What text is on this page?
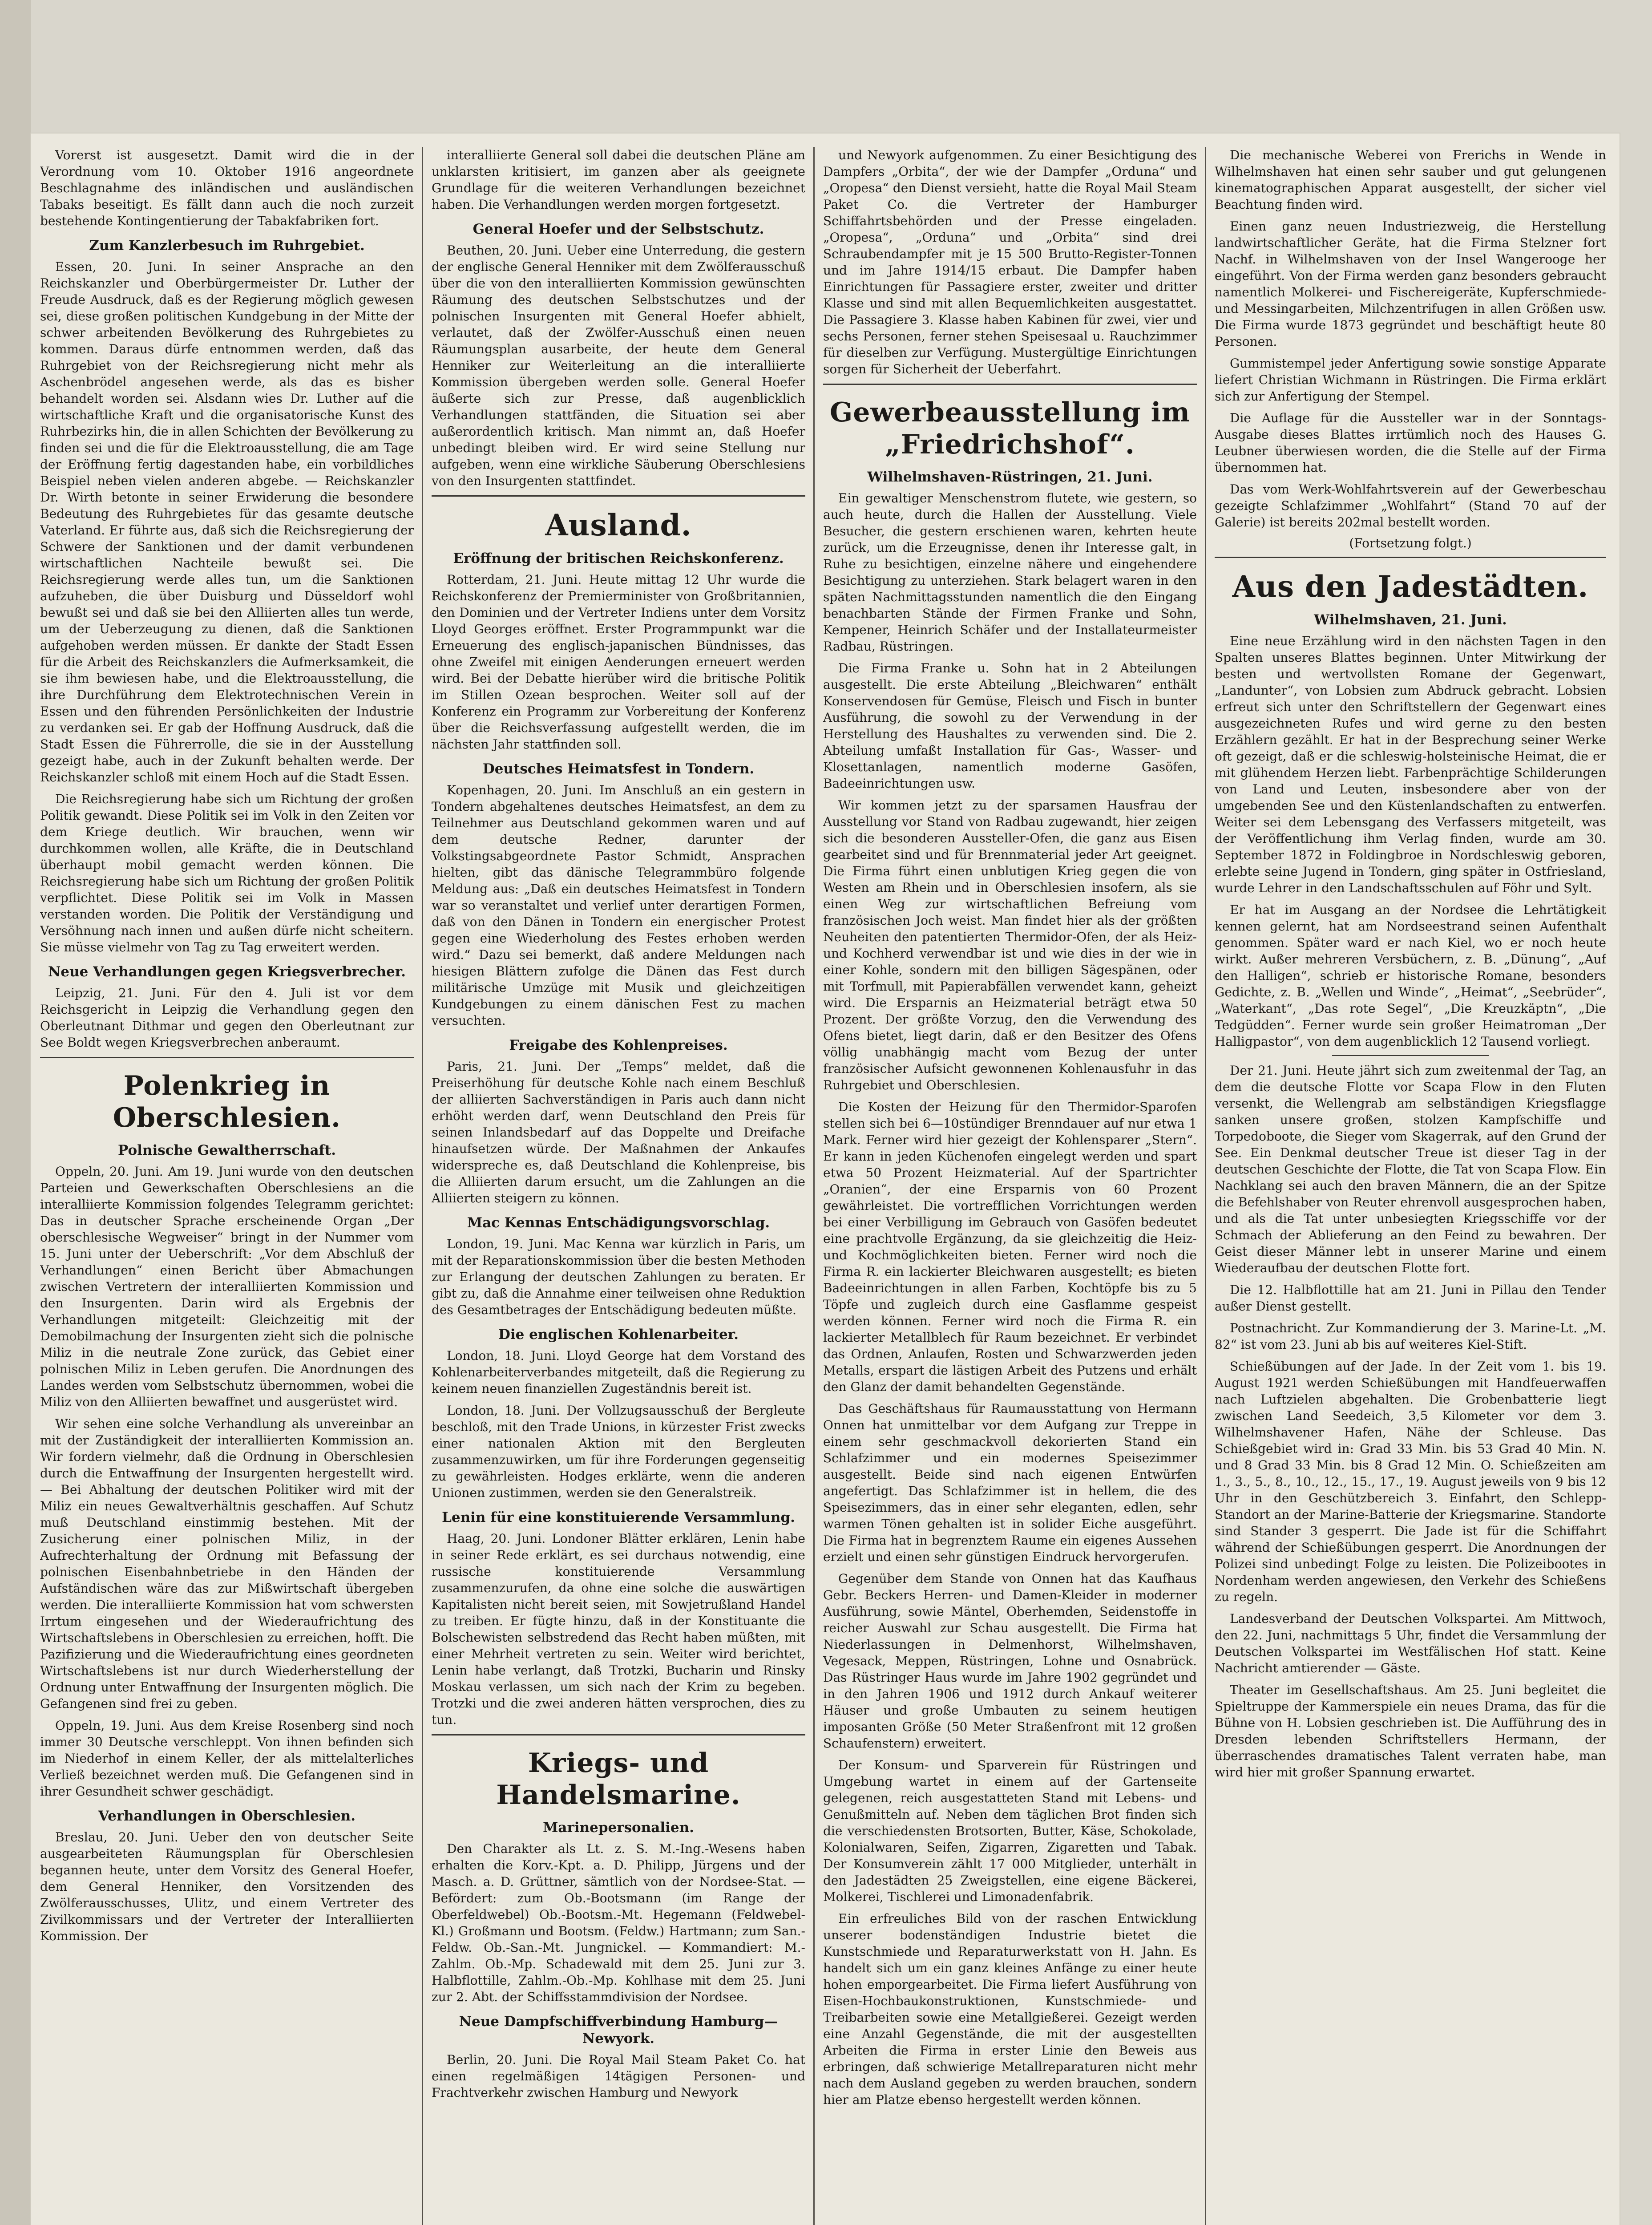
Vorerst ist ausgesetzt. Damit wird die in der Verordnung vom 10. Oktober 1916 angeordnete Beschlagnahme des inländischen und ausländischen Tabaks beseitigt. Es fällt dann auch die noch zurzeit bestehende Kontingentierung der Tabakfabriken fort.

Zum Kanzlerbesuch im Ruhrgebiet.

Essen, 20. Juni. In seiner Ansprache an den Reichskanzler und Oberbürgermeister Dr. Luther der Freude Ausdruck, daß es der Regierung möglich gewesen sei, diese großen politischen Kundgebung in der Mitte der schwer arbeitenden Bevölkerung des Ruhrgebietes zu kommen. Daraus dürfe entnommen werden, daß das Ruhrgebiet von der Reichsregierung nicht mehr als Aschenbrödel angesehen werde, als das es bisher behandelt worden sei. Alsdann wies Dr. Luther auf die wirtschaftliche Kraft und die organisatorische Kunst des Ruhrbezirks hin, die in allen Schichten der Bevölkerung zu finden sei und die für die Elektroausstellung, die am Tage der Eröffnung fertig dagestanden habe, ein vorbildliches Beispiel neben vielen anderen abgebe. — Reichskanzler Dr. Wirth betonte in seiner Erwiderung die besondere Bedeutung des Ruhrgebietes für das gesamte deutsche Vaterland. Er führte aus, daß sich die Reichsregierung der Schwere der Sanktionen und der damit verbundenen wirtschaftlichen Nachteile bewußt sei. Die Reichsregierung werde alles tun, um die Sanktionen aufzuheben, die über Duisburg und Düsseldorf wohl bewußt sei und daß sie bei den Alliierten alles tun werde, um der Ueberzeugung zu dienen, daß die Sanktionen aufgehoben werden müssen. Er dankte der Stadt Essen für die Arbeit des Reichskanzlers die Aufmerksamkeit, die sie ihm bewiesen habe, und die Elektroausstellung, die ihre Durchführung dem Elektrotechnischen Verein in Essen und den führenden Persönlichkeiten der Industrie zu verdanken sei. Er gab der Hoffnung Ausdruck, daß die Stadt Essen die Führerrolle, die sie in der Ausstellung gezeigt habe, auch in der Zukunft behalten werde. Der Reichskanzler schloß mit einem Hoch auf die Stadt Essen.

Die Reichsregierung habe sich um Richtung der großen Politik gewandt. Diese Politik sei im Volk in den Zeiten vor dem Kriege deutlich. Wir brauchen, wenn wir durchkommen wollen, alle Kräfte, die in Deutschland überhaupt mobil gemacht werden können. Die Reichsregierung habe sich um Richtung der großen Politik verpflichtet. Diese Politik sei im Volk in Massen verstanden worden. Die Politik der Verständigung und Versöhnung nach innen und außen dürfe nicht scheitern. Sie müsse vielmehr von Tag zu Tag erweitert werden.

Neue Verhandlungen gegen Kriegsverbrecher.

Leipzig, 21. Juni. Für den 4. Juli ist vor dem Reichsgericht in Leipzig die Verhandlung gegen den Oberleutnant Dithmar und gegen den Oberleutnant zur See Boldt wegen Kriegsverbrechen anberaumt.

Polenkrieg in Oberschlesien.
Polnische Gewaltherrschaft.

Oppeln, 20. Juni. Am 19. Juni wurde von den deutschen Parteien und Gewerkschaften Oberschlesiens an die interalliierte Kommission folgendes Telegramm gerichtet: Das in deutscher Sprache erscheinende Organ „Der oberschlesische Wegweiser“ bringt in der Nummer vom 15. Juni unter der Ueberschrift: „Vor dem Abschluß der Verhandlungen“ einen Bericht über Abmachungen zwischen Vertretern der interalliierten Kommission und den Insurgenten. Darin wird als Ergebnis der Verhandlungen mitgeteilt: Gleichzeitig mit der Demobilmachung der Insurgenten zieht sich die polnische Miliz in die neutrale Zone zurück, das Gebiet einer polnischen Miliz in Leben gerufen. Die Anordnungen des Landes werden vom Selbstschutz übernommen, wobei die Miliz von den Alliierten bewaffnet und ausgerüstet wird.

Wir sehen eine solche Verhandlung als unvereinbar an mit der Zuständigkeit der interalliierten Kommission an. Wir fordern vielmehr, daß die Ordnung in Oberschlesien durch die Entwaffnung der Insurgenten hergestellt wird. — Bei Abhaltung der deutschen Politiker wird mit der Miliz ein neues Gewaltverhältnis geschaffen. Auf Schutz muß Deutschland einstimmig bestehen. Mit der Zusicherung einer polnischen Miliz, in der Aufrechterhaltung der Ordnung mit Befassung der polnischen Eisenbahnbetriebe in den Händen der Aufständischen wäre das zur Mißwirtschaft übergeben werden. Die interalliierte Kommission hat vom schwersten Irrtum eingesehen und der Wiederaufrichtung des Wirtschaftslebens in Oberschlesien zu erreichen, hofft. Die Pazifizierung und die Wiederaufrichtung eines geordneten Wirtschaftslebens ist nur durch Wiederherstellung der Ordnung unter Entwaffnung der Insurgenten möglich. Die Gefangenen sind frei zu geben.

Oppeln, 19. Juni. Aus dem Kreise Rosenberg sind noch immer 30 Deutsche verschleppt. Von ihnen befinden sich im Niederhof in einem Keller, der als mittelalterliches Verließ bezeichnet werden muß. Die Gefangenen sind in ihrer Gesundheit schwer geschädigt.

Verhandlungen in Oberschlesien.

Breslau, 20. Juni. Ueber den von deutscher Seite ausgearbeiteten Räumungsplan für Oberschlesien begannen heute, unter dem Vorsitz des General Hoefer, dem General Henniker, den Vorsitzenden des Zwölferausschusses, Ulitz, und einem Vertreter des Zivilkommissars und der Vertreter der Interalliierten Kommission. Der

interalliierte General soll dabei die deutschen Pläne am unklarsten kritisiert, im ganzen aber als geeignete Grundlage für die weiteren Verhandlungen bezeichnet haben. Die Verhandlungen werden morgen fortgesetzt.

General Hoefer und der Selbstschutz.

Beuthen, 20. Juni. Ueber eine Unterredung, die gestern der englische General Henniker mit dem Zwölferausschuß über die von den interalliierten Kommission gewünschten Räumung des deutschen Selbstschutzes und der polnischen Insurgenten mit General Hoefer abhielt, verlautet, daß der Zwölfer-Ausschuß einen neuen Räumungsplan ausarbeite, der heute dem General Henniker zur Weiterleitung an die interalliierte Kommission übergeben werden solle. General Hoefer äußerte sich zur Presse, daß augenblicklich Verhandlungen stattfänden, die Situation sei aber außerordentlich kritisch. Man nimmt an, daß Hoefer unbedingt bleiben wird. Er wird seine Stellung nur aufgeben, wenn eine wirkliche Säuberung Oberschlesiens von den Insurgenten stattfindet.

Ausland.
Eröffnung der britischen Reichskonferenz.

Rotterdam, 21. Juni. Heute mittag 12 Uhr wurde die Reichskonferenz der Premierminister von Großbritannien, den Dominien und der Vertreter Indiens unter dem Vorsitz Lloyd Georges eröffnet. Erster Programmpunkt war die Erneuerung des englisch-japanischen Bündnisses, das ohne Zweifel mit einigen Aenderungen erneuert werden wird. Bei der Debatte hierüber wird die britische Politik im Stillen Ozean besprochen. Weiter soll auf der Konferenz ein Programm zur Vorbereitung der Konferenz über die Reichsverfassung aufgestellt werden, die im nächsten Jahr stattfinden soll.

Deutsches Heimatsfest in Tondern.

Kopenhagen, 20. Juni. Im Anschluß an ein gestern in Tondern abgehaltenes deutsches Heimatsfest, an dem zu Teilnehmer aus Deutschland gekommen waren und auf dem deutsche Redner, darunter der Volkstingsabgeordnete Pastor Schmidt, Ansprachen hielten, gibt das dänische Telegrammbüro folgende Meldung aus: „Daß ein deutsches Heimatsfest in Tondern war so veranstaltet und verlief unter derartigen Formen, daß von den Dänen in Tondern ein energischer Protest gegen eine Wiederholung des Festes erhoben werden wird.“ Dazu sei bemerkt, daß andere Meldungen nach hiesigen Blättern zufolge die Dänen das Fest durch militärische Umzüge mit Musik und gleichzeitigen Kundgebungen zu einem dänischen Fest zu machen versuchten.

Freigabe des Kohlenpreises.

Paris, 21. Juni. Der „Temps“ meldet, daß die Preiserhöhung für deutsche Kohle nach einem Beschluß der alliierten Sachverständigen in Paris auch dann nicht erhöht werden darf, wenn Deutschland den Preis für seinen Inlandsbedarf auf das Doppelte und Dreifache hinaufsetzen würde. Der Maßnahmen der Ankaufes widerspreche es, daß Deutschland die Kohlenpreise, bis die Alliierten darum ersucht, um die Zahlungen an die Alliierten steigern zu können.

Mac Kennas Entschädigungsvorschlag.

London, 19. Juni. Mac Kenna war kürzlich in Paris, um mit der Reparationskommission über die besten Methoden zur Erlangung der deutschen Zahlungen zu beraten. Er gibt zu, daß die Annahme einer teilweisen ohne Reduktion des Gesamtbetrages der Entschädigung bedeuten müßte.

Die englischen Kohlenarbeiter.

London, 18. Juni. Lloyd George hat dem Vorstand des Kohlenarbeiterverbandes mitgeteilt, daß die Regierung zu keinem neuen finanziellen Zugeständnis bereit ist.

London, 18. Juni. Der Vollzugsausschuß der Bergleute beschloß, mit den Trade Unions, in kürzester Frist zwecks einer nationalen Aktion mit den Bergleuten zusammenzuwirken, um für ihre Forderungen gegenseitig zu gewährleisten. Hodges erklärte, wenn die anderen Unionen zustimmen, werden sie den Generalstreik.

Lenin für eine konstituierende Versammlung.

Haag, 20. Juni. Londoner Blätter erklären, Lenin habe in seiner Rede erklärt, es sei durchaus notwendig, eine russische konstituierende Versammlung zusammenzurufen, da ohne eine solche die auswärtigen Kapitalisten nicht bereit seien, mit Sowjetrußland Handel zu treiben. Er fügte hinzu, daß in der Konstituante die Bolschewisten selbstredend das Recht haben müßten, mit einer Mehrheit vertreten zu sein. Weiter wird berichtet, Lenin habe verlangt, daß Trotzki, Bucharin und Rinsky Moskau verlassen, um sich nach der Krim zu begeben. Trotzki und die zwei anderen hätten versprochen, dies zu tun.

Kriegs- und Handelsmarine.
Marinepersonalien.

Den Charakter als Lt. z. S. M.-Ing.-Wesens haben erhalten die Korv.-Kpt. a. D. Philipp, Jürgens und der Masch. a. D. Grüttner, sämtlich von der Nordsee-Stat. — Befördert: zum Ob.-Bootsmann (im Range der Oberfeldwebel) Ob.-Bootsm.-Mt. Hegemann (Feldwebel-Kl.) Großmann und Bootsm. (Feldw.) Hartmann; zum San.-Feldw. Ob.-San.-Mt. Jungnickel. — Kommandiert: M.-Zahlm. Ob.-Mp. Schadewald mit dem 25. Juni zur 3. Halbflottille, Zahlm.-Ob.-Mp. Kohlhase mit dem 25. Juni zur 2. Abt. der Schiffsstammdivision der Nordsee.

Neue Dampfschiffverbindung Hamburg—Newyork.

Berlin, 20. Juni. Die Royal Mail Steam Paket Co. hat einen regelmäßigen 14tägigen Personen- und Frachtverkehr zwischen Hamburg und Newyork

und Newyork aufgenommen. Zu einer Besichtigung des Dampfers „Orbita“, der wie der Dampfer „Orduna“ und „Oropesa“ den Dienst versieht, hatte die Royal Mail Steam Paket Co. die Vertreter der Hamburger Schiffahrtsbehörden und der Presse eingeladen. „Oropesa“, „Orduna“ und „Orbita“ sind drei Schraubendampfer mit je 15 500 Brutto-Register-Tonnen und im Jahre 1914/15 erbaut. Die Dampfer haben Einrichtungen für Passagiere erster, zweiter und dritter Klasse und sind mit allen Bequemlichkeiten ausgestattet. Die Passagiere 3. Klasse haben Kabinen für zwei, vier und sechs Personen, ferner stehen Speisesaal u. Rauchzimmer für dieselben zur Verfügung. Mustergültige Einrichtungen sorgen für Sicherheit der Ueberfahrt.

Gewerbeausstellung im „Friedrichshof“.
Wilhelmshaven-Rüstringen, 21. Juni.

Ein gewaltiger Menschenstrom flutete, wie gestern, so auch heute, durch die Hallen der Ausstellung. Viele Besucher, die gestern erschienen waren, kehrten heute zurück, um die Erzeugnisse, denen ihr Interesse galt, in Ruhe zu besichtigen, einzelne nähere und eingehendere Besichtigung zu unterziehen. Stark belagert waren in den späten Nachmittagsstunden namentlich die den Eingang benachbarten Stände der Firmen Franke und Sohn, Kempener, Heinrich Schäfer und der Installateurmeister Radbau, Rüstringen.

Die Firma Franke u. Sohn hat in 2 Abteilungen ausgestellt. Die erste Abteilung „Bleichwaren“ enthält Konservendosen für Gemüse, Fleisch und Fisch in bunter Ausführung, die sowohl zu der Verwendung in der Herstellung des Haushaltes zu verwenden sind. Die 2. Abteilung umfaßt Installation für Gas-, Wasser- und Klosettanlagen, namentlich moderne Gasöfen, Badeeinrichtungen usw.

Wir kommen jetzt zu der sparsamen Hausfrau der Ausstellung vor Stand von Radbau zugewandt, hier zeigen sich die besonderen Aussteller-Ofen, die ganz aus Eisen gearbeitet sind und für Brennmaterial jeder Art geeignet. Die Firma führt einen unblutigen Krieg gegen die von Westen am Rhein und in Oberschlesien insofern, als sie einen Weg zur wirtschaftlichen Befreiung vom französischen Joch weist. Man findet hier als der größten Neuheiten den patentierten Thermidor-Ofen, der als Heiz- und Kochherd verwendbar ist und wie dies in der wie in einer Kohle, sondern mit den billigen Sägespänen, oder mit Torfmull, mit Papierabfällen verwendet kann, geheizt wird. Die Ersparnis an Heizmaterial beträgt etwa 50 Prozent. Der größte Vorzug, den die Verwendung des Ofens bietet, liegt darin, daß er den Besitzer des Ofens völlig unabhängig macht vom Bezug der unter französischer Aufsicht gewonnenen Kohlenausfuhr in das Ruhrgebiet und Oberschlesien.

Die Kosten der Heizung für den Thermidor-Sparofen stellen sich bei 6—10stündiger Brenndauer auf nur etwa 1 Mark. Ferner wird hier gezeigt der Kohlensparer „Stern“. Er kann in jeden Küchenofen eingelegt werden und spart etwa 50 Prozent Heizmaterial. Auf der Spartrichter „Oranien“, der eine Ersparnis von 60 Prozent gewährleistet. Die vortrefflichen Vorrichtungen werden bei einer Verbilligung im Gebrauch von Gasöfen bedeutet eine prachtvolle Ergänzung, da sie gleichzeitig die Heiz- und Kochmöglichkeiten bieten. Ferner wird noch die Firma R. ein lackierter Bleichwaren ausgestellt; es bieten Badeeinrichtungen in allen Farben, Kochtöpfe bis zu 5 Töpfe und zugleich durch eine Gasflamme gespeist werden können. Ferner wird noch die Firma R. ein lackierter Metallblech für Raum bezeichnet. Er verbindet das Ordnen, Anlaufen, Rosten und Schwarzwerden jeden Metalls, erspart die lästigen Arbeit des Putzens und erhält den Glanz der damit behandelten Gegenstände.

Das Geschäftshaus für Raumausstattung von Hermann Onnen hat unmittelbar vor dem Aufgang zur Treppe in einem sehr geschmackvoll dekorierten Stand ein Schlafzimmer und ein modernes Speisezimmer ausgestellt. Beide sind nach eigenen Entwürfen angefertigt. Das Schlafzimmer ist in hellem, die des Speisezimmers, das in einer sehr eleganten, edlen, sehr warmen Tönen gehalten ist in solider Eiche ausgeführt. Die Firma hat in begrenztem Raume ein eigenes Aussehen erzielt und einen sehr günstigen Eindruck hervorgerufen.

Gegenüber dem Stande von Onnen hat das Kaufhaus Gebr. Beckers Herren- und Damen-Kleider in moderner Ausführung, sowie Mäntel, Oberhemden, Seidenstoffe in reicher Auswahl zur Schau ausgestellt. Die Firma hat Niederlassungen in Delmenhorst, Wilhelmshaven, Vegesack, Meppen, Rüstringen, Lohne und Osnabrück. Das Rüstringer Haus wurde im Jahre 1902 gegründet und in den Jahren 1906 und 1912 durch Ankauf weiterer Häuser und große Umbauten zu seinem heutigen imposanten Größe (50 Meter Straßenfront mit 12 großen Schaufenstern) erweitert.

Der Konsum- und Sparverein für Rüstringen und Umgebung wartet in einem auf der Gartenseite gelegenen, reich ausgestatteten Stand mit Lebens- und Genußmitteln auf. Neben dem täglichen Brot finden sich die verschiedensten Brotsorten, Butter, Käse, Schokolade, Kolonialwaren, Seifen, Zigarren, Zigaretten und Tabak. Der Konsumverein zählt 17 000 Mitglieder, unterhält in den Jadestädten 25 Zweigstellen, eine eigene Bäckerei, Molkerei, Tischlerei und Limonadenfabrik.

Ein erfreuliches Bild von der raschen Entwicklung unserer bodenständigen Industrie bietet die Kunstschmiede und Reparaturwerkstatt von H. Jahn. Es handelt sich um ein ganz kleines Anfänge zu einer heute hohen emporgearbeitet. Die Firma liefert Ausführung von Eisen-Hochbaukonstruktionen, Kunstschmiede- und Treibarbeiten sowie eine Metallgießerei. Gezeigt werden eine Anzahl Gegenstände, die mit der ausgestellten Arbeiten die Firma in erster Linie den Beweis aus erbringen, daß schwierige Metallreparaturen nicht mehr nach dem Ausland gegeben zu werden brauchen, sondern hier am Platze ebenso hergestellt werden können.

Die mechanische Weberei von Frerichs in Wende in Wilhelmshaven hat einen sehr sauber und gut gelungenen kinematographischen Apparat ausgestellt, der sicher viel Beachtung finden wird.

Einen ganz neuen Industriezweig, die Herstellung landwirtschaftlicher Geräte, hat die Firma Stelzner fort Nachf. in Wilhelmshaven von der Insel Wangerooge her eingeführt. Von der Firma werden ganz besonders gebraucht namentlich Molkerei- und Fischereigeräte, Kupferschmiede- und Messingarbeiten, Milchzentrifugen in allen Größen usw. Die Firma wurde 1873 gegründet und beschäftigt heute 80 Personen.

Gummistempel jeder Anfertigung sowie sonstige Apparate liefert Christian Wichmann in Rüstringen. Die Firma erklärt sich zur Anfertigung der Stempel.

Die Auflage für die Aussteller war in der Sonntags-Ausgabe dieses Blattes irrtümlich noch des Hauses G. Leubner überwiesen worden, die die Stelle auf der Firma übernommen hat.

Das vom Werk-Wohlfahrtsverein auf der Gewerbeschau gezeigte Schlafzimmer „Wohlfahrt“ (Stand 70 auf der Galerie) ist bereits 202mal bestellt worden.

(Fortsetzung folgt.)
Aus den Jadestädten.
Wilhelmshaven, 21. Juni.

Eine neue Erzählung wird in den nächsten Tagen in den Spalten unseres Blattes beginnen. Unter Mitwirkung der besten und wertvollsten Romane der Gegenwart, „Landunter“, von Lobsien zum Abdruck gebracht. Lobsien erfreut sich unter den Schriftstellern der Gegenwart eines ausgezeichneten Rufes und wird gerne zu den besten Erzählern gezählt. Er hat in der Besprechung seiner Werke oft gezeigt, daß er die schleswig-holsteinische Heimat, die er mit glühendem Herzen liebt. Farbenprächtige Schilderungen von Land und Leuten, insbesondere aber von der umgebenden See und den Küstenlandschaften zu entwerfen. Weiter sei dem Lebensgang des Verfassers mitgeteilt, was der Veröffentlichung ihm Verlag finden, wurde am 30. September 1872 in Foldingbroe in Nordschleswig geboren, erlebte seine Jugend in Tondern, ging später in Ostfriesland, wurde Lehrer in den Landschaftsschulen auf Föhr und Sylt.

Er hat im Ausgang an der Nordsee die Lehrtätigkeit kennen gelernt, hat am Nordseestrand seinen Aufenthalt genommen. Später ward er nach Kiel, wo er noch heute wirkt. Außer mehreren Versbüchern, z. B. „Dünung“, „Auf den Halligen“, schrieb er historische Romane, besonders Gedichte, z. B. „Wellen und Winde“, „Heimat“, „Seebrüder“, „Waterkant“, „Das rote Segel“, „Die Kreuzkäptn“, „Die Tedgüdden“. Ferner wurde sein großer Heimatroman „Der Halligpastor“, von dem augenblicklich 12 Tausend vorliegt.

Der 21. Juni. Heute jährt sich zum zweitenmal der Tag, an dem die deutsche Flotte vor Scapa Flow in den Fluten versenkt, die Wellengrab am selbständigen Kriegsflagge sanken unsere großen, stolzen Kampfschiffe und Torpedoboote, die Sieger vom Skagerrak, auf den Grund der See. Ein Denkmal deutscher Treue ist dieser Tag in der deutschen Geschichte der Flotte, die Tat von Scapa Flow. Ein Nachklang sei auch den braven Männern, die an der Spitze die Befehlshaber von Reuter ehrenvoll ausgesprochen haben, und als die Tat unter unbesiegten Kriegsschiffe vor der Schmach der Ablieferung an den Feind zu bewahren. Der Geist dieser Männer lebt in unserer Marine und einem Wiederaufbau der deutschen Flotte fort.

Die 12. Halbflottille hat am 21. Juni in Pillau den Tender außer Dienst gestellt.

Postnachricht. Zur Kommandierung der 3. Marine-Lt. „M. 82“ ist vom 23. Juni ab bis auf weiteres Kiel-Stift.

Schießübungen auf der Jade. In der Zeit vom 1. bis 19. August 1921 werden Schießübungen mit Handfeuerwaffen nach Luftzielen abgehalten. Die Grobenbatterie liegt zwischen Land Seedeich, 3,5 Kilometer vor dem 3. Wilhelmshavener Hafen, Nähe der Schleuse. Das Schießgebiet wird in: Grad 33 Min. bis 53 Grad 40 Min. N. und 8 Grad 33 Min. bis 8 Grad 12 Min. O. Schießzeiten am 1., 3., 5., 8., 10., 12., 15., 17., 19. August jeweils von 9 bis 12 Uhr in den Geschützbereich 3. Einfahrt, den Schlepp-Standort an der Marine-Batterie der Kriegsmarine. Standorte sind Stander 3 gesperrt. Die Jade ist für die Schiffahrt während der Schießübungen gesperrt. Die Anordnungen der Polizei sind unbedingt Folge zu leisten. Die Polizeibootes in Nordenham werden angewiesen, den Verkehr des Schießens zu regeln.

Landesverband der Deutschen Volkspartei. Am Mittwoch, den 22. Juni, nachmittags 5 Uhr, findet die Versammlung der Deutschen Volkspartei im Westfälischen Hof statt. Keine Nachricht amtierender — Gäste.

Theater im Gesellschaftshaus. Am 25. Juni begleitet die Spieltruppe der Kammerspiele ein neues Drama, das für die Bühne von H. Lobsien geschrieben ist. Die Aufführung des in Dresden lebenden Schriftstellers Hermann, der überraschendes dramatisches Talent verraten habe, man wird hier mit großer Spannung erwartet.
